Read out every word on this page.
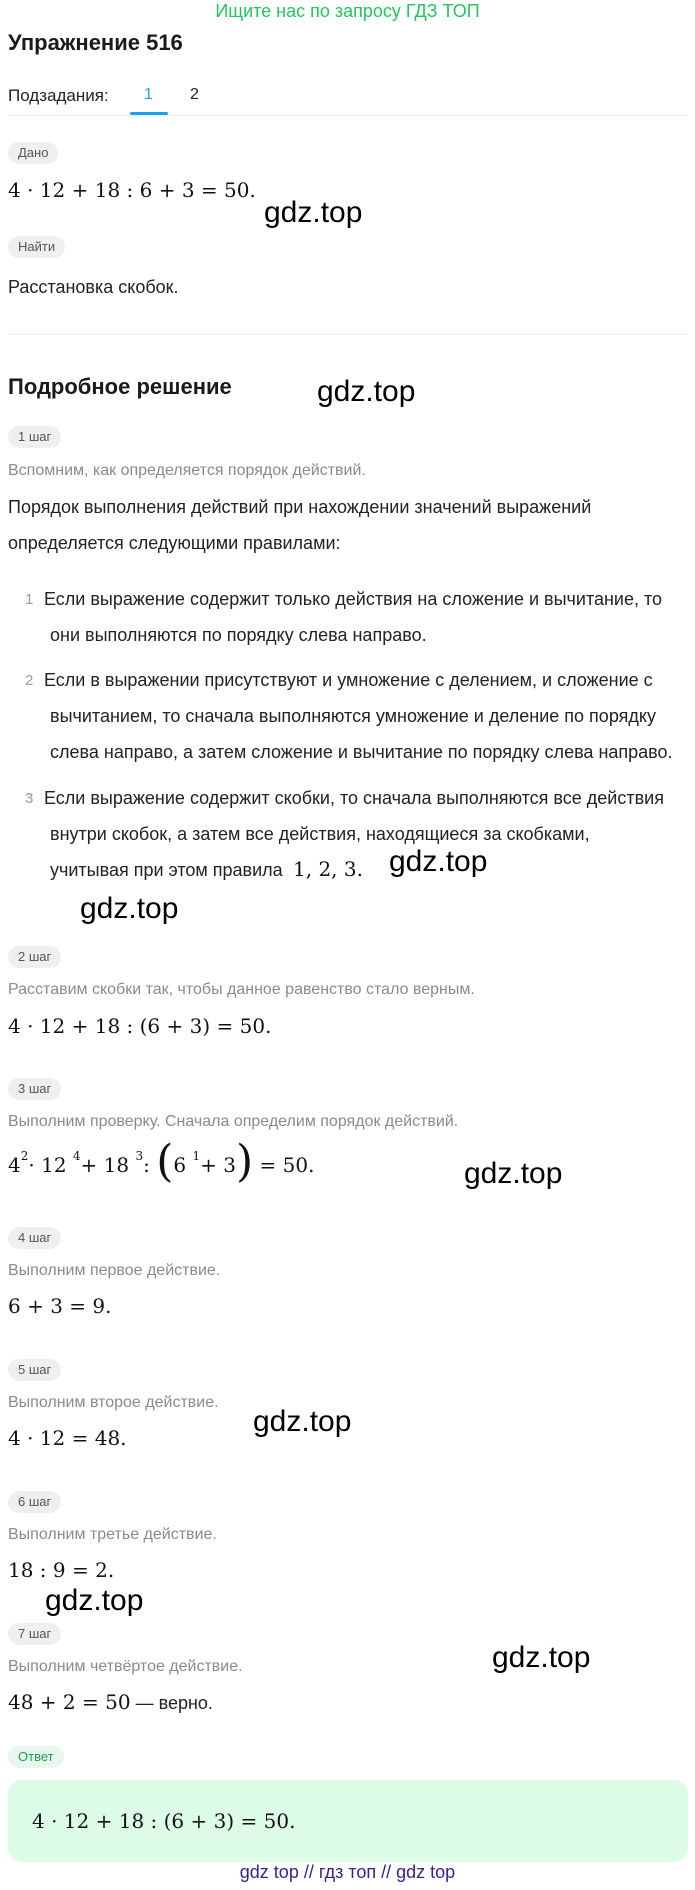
Ищите нас по запросу ГДЗ ТОП
Упражнение 516
Подзадания: 1 2
Дано
4 · 12 + 18 : 6 + 3 = 50.
Найти
Расстановка скобок.
Подробное решение
1 шаг
Вспомним, как определяется порядок действий.
Порядок выполнения действий при нахождении значений выражений
определяется следующими правилами:
1 Если выражение содержит только действия на сложение и вычитание, то
они выполняются по порядку слева направо.
2 Если в выражении присутствуют и умножение с делением, и сложение с
вычитанием, то сначала выполняются умножение и деление по порядку
слева направо, а затем сложение и вычитание по порядку слева направо.
3 Если выражение содержит скобки, то сначала выполняются все действия
внутри скобок, а затем все действия, находящиеся за скобками,
учитывая при этом правила 1, 2, 3.
2 шаг
Расставим скобки так, чтобы данное равенство стало верным.
4 · 12 + 18 : (6 + 3) = 50.
3 шаг
Выполним проверку. Сначала определим порядок действий.
$4^2\cdot 12$ $^4$+ 18 $^3$: (6 $^1$+ 3) = 50.
4 шаг
Выполним первое действие.
6 + 3 = 9.
5 шаг
Выполним второе действие.
4 · 12 = 48.
6 шаг
Выполним третье действие.
18 : 9 = 2.
7 шаг
Выполним четвёртое действие.
48 + 2 = 50 — верно.
Ответ
4 · 12 + 18 : (6 + 3) = 50.
gdz.top
gdz.top
gdz.top
gdz.top
gdz.top
gdz.top
gdz.top
gdz.top
gdz top // гдз топ // gdz top
